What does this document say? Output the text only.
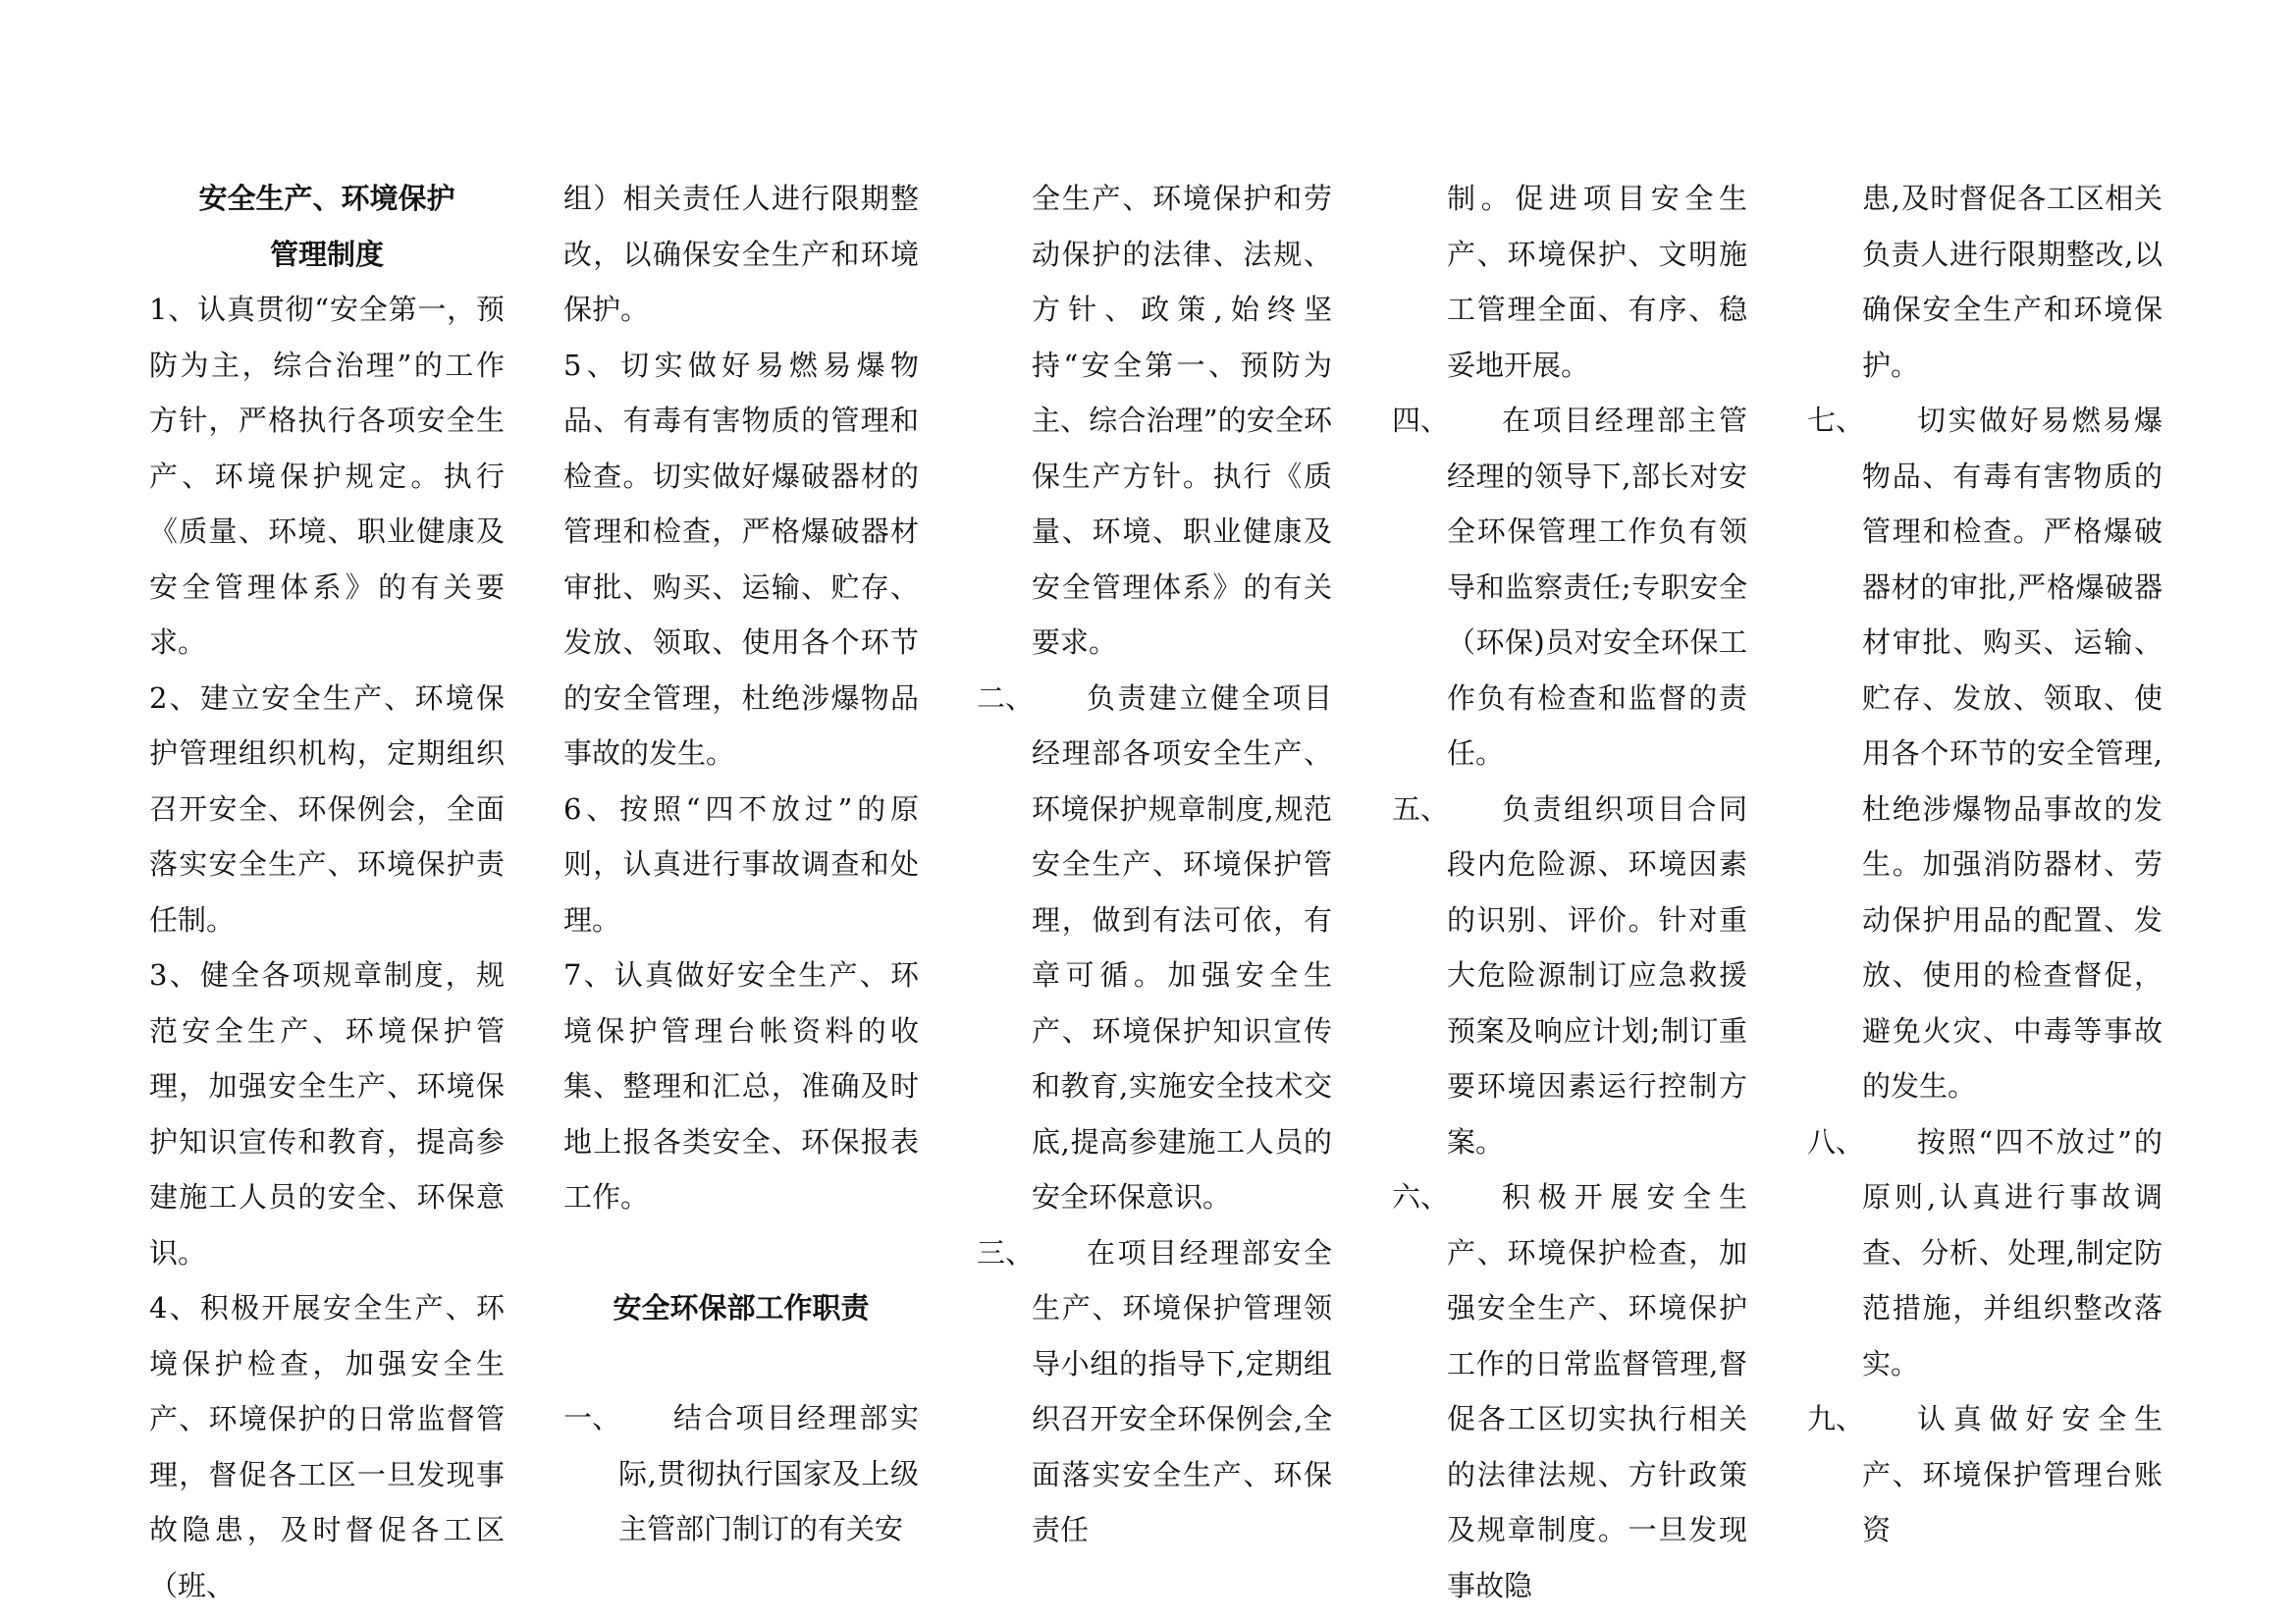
安全生产、环境保护

管理制度

1、认真贯彻“安全第一，预防为主，综合治理”的工作方针，严格执行各项安全生产、环境保护规定。执行《质量、环境、职业健康及安全管理体系》的有关要求。

2、建立安全生产、环境保护管理组织机构，定期组织召开安全、环保例会，全面落实安全生产、环境保护责任制。

3、健全各项规章制度，规范安全生产、环境保护管理，加强安全生产、环境保护知识宣传和教育，提高参建施工人员的安全、环保意识。

4、积极开展安全生产、环境保护检查，加强安全生产、环境保护的日常监督管理，督促各工区一旦发现事故隐患，及时督促各工区（班、

组）相关责任人进行限期整改，以确保安全生产和环境保护。

5、切实做好易燃易爆物品、有毒有害物质的管理和检查。切实做好爆破器材的管理和检查，严格爆破器材审批、购买、运输、贮存、发放、领取、使用各个环节的安全管理，杜绝涉爆物品事故的发生。

6、按照“四不放过”的原则，认真进行事故调查和处理。

7、认真做好安全生产、环境保护管理台帐资料的收集、整理和汇总，准确及时地上报各类安全、环保报表工作。

安全环保部工作职责

一、	结合项目经理部实际,贯彻执行国家及上级主管部门制订的有关安
全生产、环境保护和劳动保护的法律、法规、方针、政策,始终坚持“安全第一、预防为主、综合治理”的安全环保生产方针。执行《质量、环境、职业健康及安全管理体系》的有关要求。
二、	负责建立健全项目经理部各项安全生产、环境保护规章制度,规范安全生产、环境保护管理，做到有法可依，有章可循。加强安全生产、环境保护知识宣传和教育,实施安全技术交底,提高参建施工人员的安全环保意识。
三、	在项目经理部安全生产、环境保护管理领导小组的指导下,定期组织召开安全环保例会,全面落实安全生产、环保责任
制。促进项目安全生产、环境保护、文明施工管理全面、有序、稳妥地开展。
四、	在项目经理部主管经理的领导下,部长对安全环保管理工作负有领导和监察责任;专职安全（环保)员对安全环保工作负有检查和监督的责任。
五、	负责组织项目合同段内危险源、环境因素的识别、评价。针对重大危险源制订应急救援预案及响应计划;制订重要环境因素运行控制方案。
六、	积极开展安全生产、环境保护检查，加强安全生产、环境保护工作的日常监督管理,督促各工区切实执行相关的法律法规、方针政策及规章制度。一旦发现事故隐
患,及时督促各工区相关负责人进行限期整改,以确保安全生产和环境保护。
七、	切实做好易燃易爆物品、有毒有害物质的管理和检查。严格爆破器材的审批,严格爆破器材审批、购买、运输、贮存、发放、领取、使用各个环节的安全管理,杜绝涉爆物品事故的发生。加强消防器材、劳动保护用品的配置、发放、使用的检查督促，避免火灾、中毒等事故的发生。
八、	按照“四不放过”的原则,认真进行事故调查、分析、处理,制定防范措施，并组织整改落实。
九、	认真做好安全生产、环境保护管理台账资
